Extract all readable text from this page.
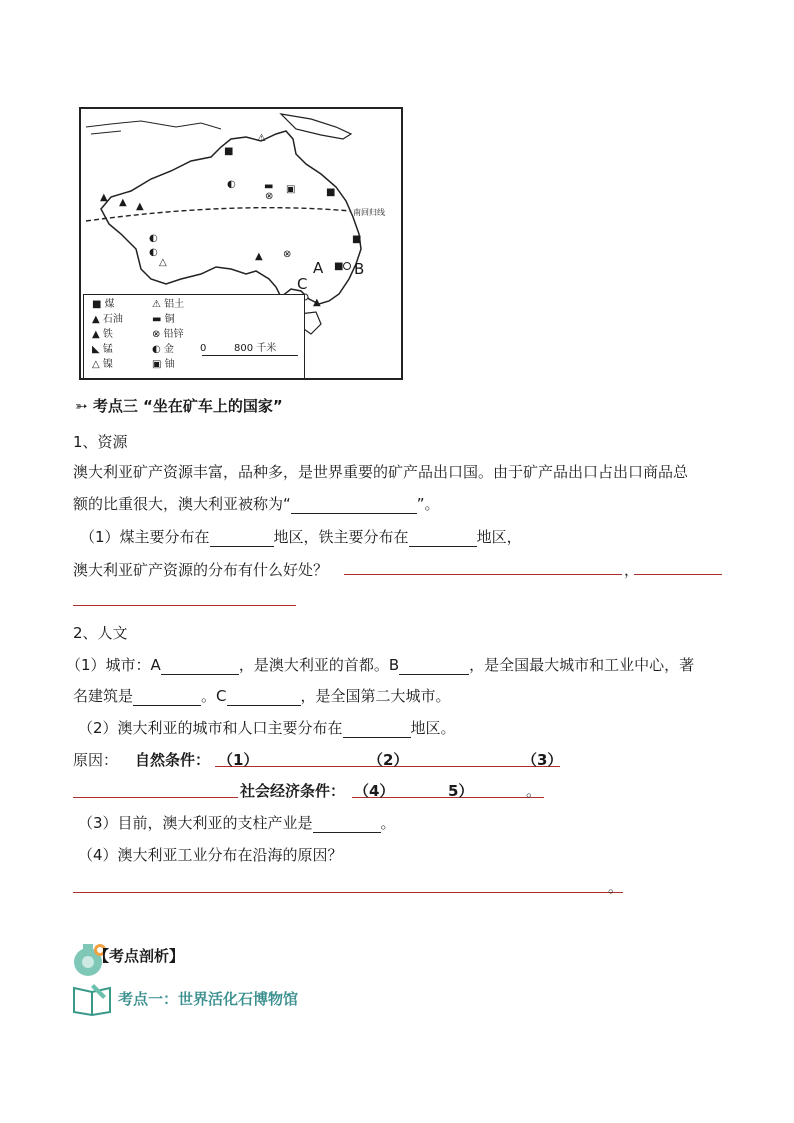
■
⚠
◐	▬ ▣
⊗	■
▲ ▲ ▲
◐
◐
△
▲ ⊗
■
■
▲
南回归线
A B
C
■ 煤
▲ 石油
▲ 铁
◣ 锰
△ 镍
⚠ 铝土
▬ 铜
⊗ 铅锌
◐ 金
▣ 铀
0	800 千米
➳ 考点三 “坐在矿车上的国家”
1、资源
澳大利亚矿产资源丰富，品种多，是世界重要的矿产品出口国。由于矿产品出口占出口商品总
额的比重很大，澳大利亚被称为“	”。
（1）煤主要分布在	地区，铁主要分布在	地区，
澳大利亚矿产资源的分布有什么好处？	，
2、人文
（1）城市：A	，是澳大利亚的首都。B	，是全国最大城市和工业中心，著
名建筑是	。C	，是全国第二大城市。
（2）澳大利亚的城市和人口主要分布在	地区。
原因： 自然条件： （1）	（2）	（3）
社会经济条件： （4）	5）	。
（3）目前，澳大利亚的支柱产业是	。
（4）澳大利亚工业分布在沿海的原因？
。
【考点剖析】
考点一：世界活化石博物馆
